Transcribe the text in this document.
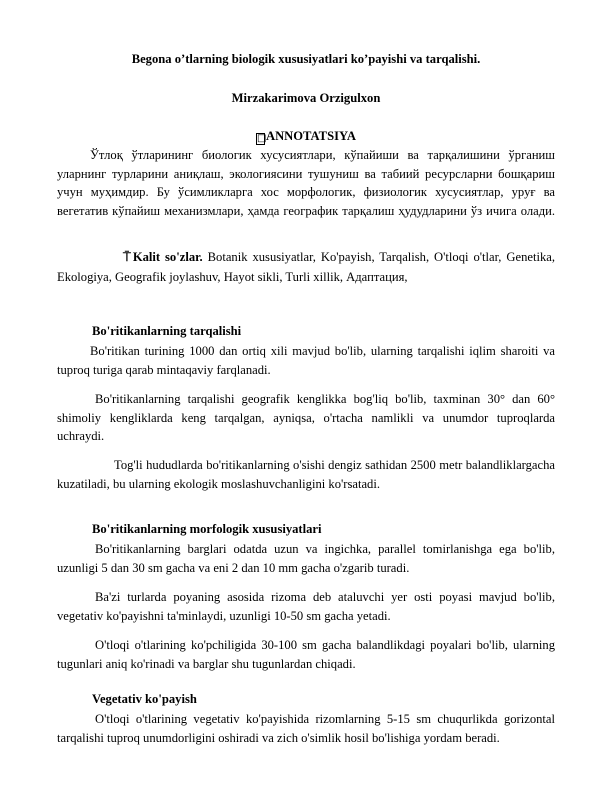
Begona o’tlarning biologik xususiyatlari ko’payishi va tarqalishi.
Mirzakarimova Orzigulxon
□ANNOTATSIYA
Ўтлоқ ўтларининг биологик хусусиятлари, кўпайиши ва тарқалишини ўрганиш уларнинг турларини аниқлаш, экологиясини тушуниш ва табиий ресурсларни бошқариш учун муҳимдир. Бу ўсимликларга хос морфологик, физиологик хусусиятлар, уруғ ва вегетатив кўпайиш механизмлари, ҳамда географик тарқалиш ҳудудларини ўз ичига олади.
⍑ Kalit so'zlar. Botanik xususiyatlar, Ko'payish, Tarqalish, O'tloqi o'tlar, Genetika, Ekologiya, Geografik joylashuv, Hayot sikli, Turli xillik, Адаптация,
Bo'ritikanlarning tarqalishi
Bo'ritikan turining 1000 dan ortiq xili mavjud bo'lib, ularning tarqalishi iqlim sharoiti va tuproq turiga qarab mintaqaviy farqlanadi.
Bo'ritikanlarning tarqalishi geografik kenglikka bog'liq bo'lib, taxminan 30° dan 60° shimoliy kengliklarda keng tarqalgan, ayniqsa, o'rtacha namlikli va unumdor tuproqlarda uchraydi.
Tog'li hududlarda bo'ritikanlarning o'sishi dengiz sathidan 2500 metr balandliklargacha kuzatiladi, bu ularning ekologik moslashuvchanligini ko'rsatadi.
Bo'ritikanlarning morfologik xususiyatlari
Bo'ritikanlarning barglari odatda uzun va ingichka, parallel tomirlanishga ega bo'lib, uzunligi 5 dan 30 sm gacha va eni 2 dan 10 mm gacha o'zgarib turadi.
Ba'zi turlarda poyaning asosida rizoma deb ataluvchi yer osti poyasi mavjud bo'lib, vegetativ ko'payishni ta'minlaydi, uzunligi 10-50 sm gacha yetadi.
O'tloqi o'tlarining ko'pchiligida 30-100 sm gacha balandlikdagi poyalari bo'lib, ularning tugunlari aniq ko'rinadi va barglar shu tugunlardan chiqadi.
Vegetativ ko'payish
O'tloqi o'tlarining vegetativ ko'payishida rizomlarning 5-15 sm chuqurlikda gorizontal tarqalishi tuproq unumdorligini oshiradi va zich o'simlik hosil bo'lishiga yordam beradi.
